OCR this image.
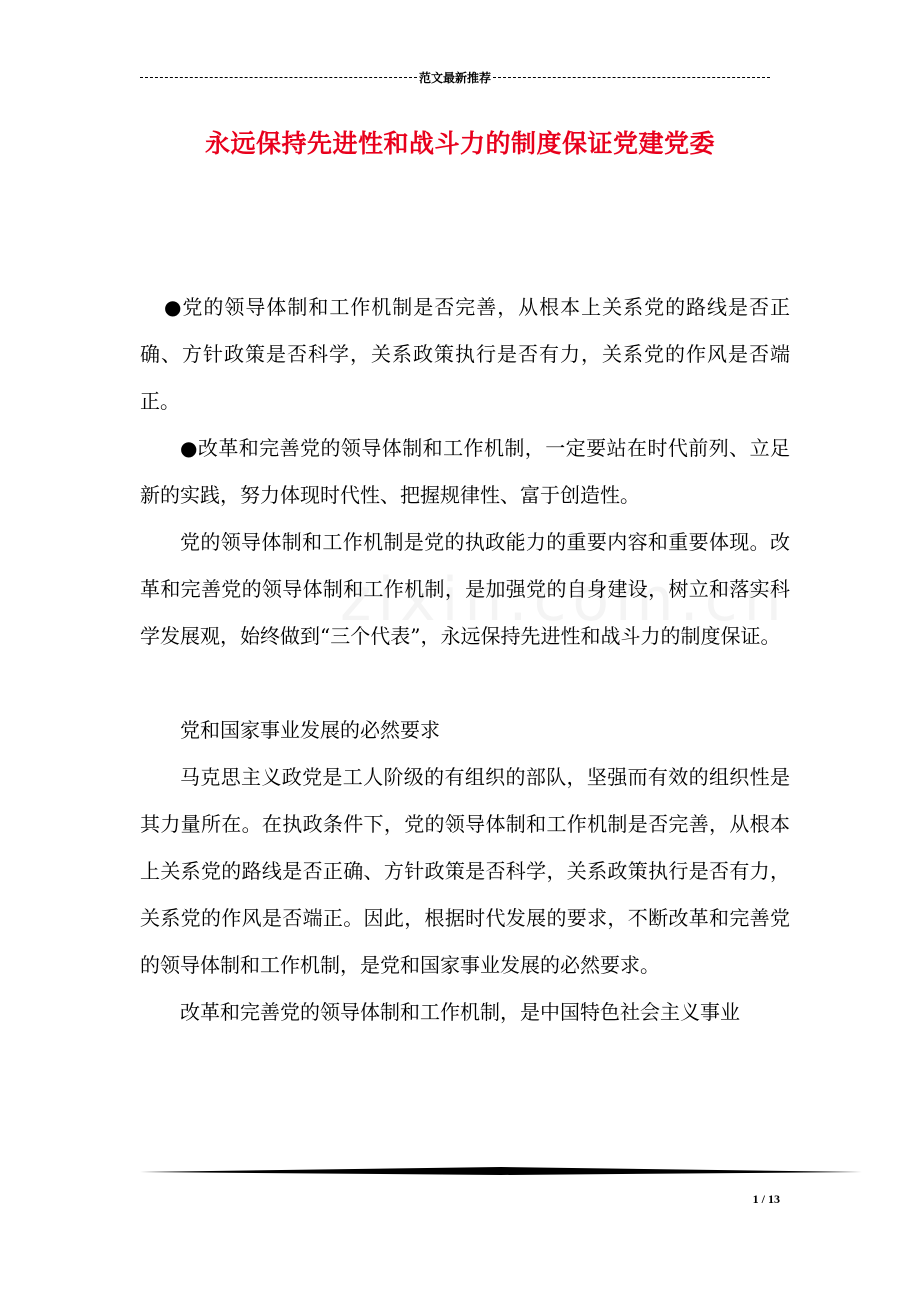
范文最新推荐
永远保持先进性和战斗力的制度保证党建党委

●党的领导体制和工作机制是否完善，从根本上关系党的路线是否正确、方针政策是否科学，关系政策执行是否有力，关系党的作风是否端正。

●改革和完善党的领导体制和工作机制，一定要站在时代前列、立足新的实践，努力体现时代性、把握规律性、富于创造性。

党的领导体制和工作机制是党的执政能力的重要内容和重要体现。改革和完善党的领导体制和工作机制，是加强党的自身建设，树立和落实科学发展观，始终做到“三个代表”，永远保持先进性和战斗力的制度保证。

党和国家事业发展的必然要求

马克思主义政党是工人阶级的有组织的部队，坚强而有效的组织性是其力量所在。在执政条件下，党的领导体制和工作机制是否完善，从根本上关系党的路线是否正确、方针政策是否科学，关系政策执行是否有力，关系党的作风是否端正。因此，根据时代发展的要求，不断改革和完善党的领导体制和工作机制，是党和国家事业发展的必然要求。

改革和完善党的领导体制和工作机制，是中国特色社会主义事业

1 / 13
